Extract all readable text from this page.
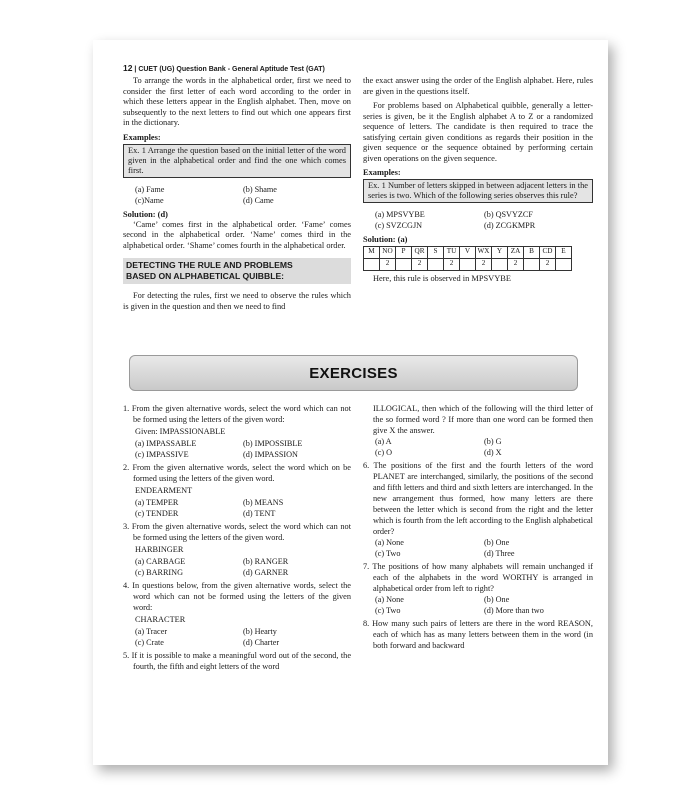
12 | CUET (UG) Question Bank - General Aptitude Test (GAT)

To arrange the words in the alphabetical order, first we need to consider the first letter of each word according to the order in which these letters appear in the English alphabet. Then, move on subsequently to the next letters to find out which one appears first in the dictionary.

Examples:

Ex. 1 Arrange the question based on the initial letter of the word given in the alphabetical order and find the one which comes first.
(a) Fame	(b) Shame
(c)Name	(d) Came

Solution: (d)

‘Came’ comes first in the alphabetical order. ‘Fame’ comes second in the alphabetical order. ‘Name’ comes third in the alphabetical order. ‘Shame’ comes fourth in the alphabetical order.

DETECTING THE RULE AND PROBLEMS
BASED ON ALPHABETICAL QUIBBLE:

For detecting the rules, first we need to observe the rules which is given in the question and then we need to find

the exact answer using the order of the English alphabet. Here, rules are given in the questions itself.

For problems based on Alphabetical quibble, generally a letter-series is given, be it the English alphabet A to Z or a randomized sequence of letters. The candidate is then required to trace the satisfying certain given conditions as regards their position in the given sequence or the sequence obtained by performing certain given operations on the given sequence.

Examples:

Ex. 1 Number of letters skipped in between adjacent letters in the series is two. Which of the following series observes this rule?
(a) MPSVYBE	(b) QSVYZCF
(c) SVZCGJN	(d) ZCGKMPR

Solution: (a)

M	NO	P	QR	S	TU	V	WX	Y	ZA	B	CD	E
	2		2		2		2		2		2	

Here, this rule is observed in MPSVYBE

EXERCISES

1. From the given alternative words, select the word which can not be formed using the letters of the given word:

Given: IMPASSIONABLE

(a) IMPASSABLE	(b) IMPOSSIBLE
(c) IMPASSIVE	(d) IMPASSION

2. From the given alternative words, select the word which on be formed using the letters of the given word.

ENDEARMENT

(a) TEMPER	(b) MEANS
(c) TENDER	(d) TENT

3. From the given alternative words, select the word which can not be formed using the letters of the given word.

HARBINGER

(a) CARBAGE	(b) RANGER
(c) BARRING	(d) GARNER

4. In questions below, from the given alternative words, select the word which can not be formed using the letters of the given word:

CHARACTER

(a) Tracer	(b) Hearty
(c) Crate	(d) Charter

5. If it is possible to make a meaningful word out of the second, the fourth, the fifth and eight letters of the word

ILLOGICAL, then which of the following will the third letter of the so formed word ? If more than one word can be formed then give X the answer.

(a) A	(b) G
(c) O	(d) X

6. The positions of the first and the fourth letters of the word PLANET are interchanged, similarly, the positions of the second and fifth letters and third and sixth letters are interchanged. In the new arrangement thus formed, how many letters are there between the letter which is second from the right and the letter which is fourth from the left according to the English alphabetical order?

(a) None	(b) One
(c) Two	(d) Three

7. The positions of how many alphabets will remain unchanged if each of the alphabets in the word WORTHY is arranged in alphabetical order from left to right?

(a) None	(b) One
(c) Two	(d) More than two

8. How many such pairs of letters are there in the word REASON, each of which has as many letters between them in the word (in both forward and backward
